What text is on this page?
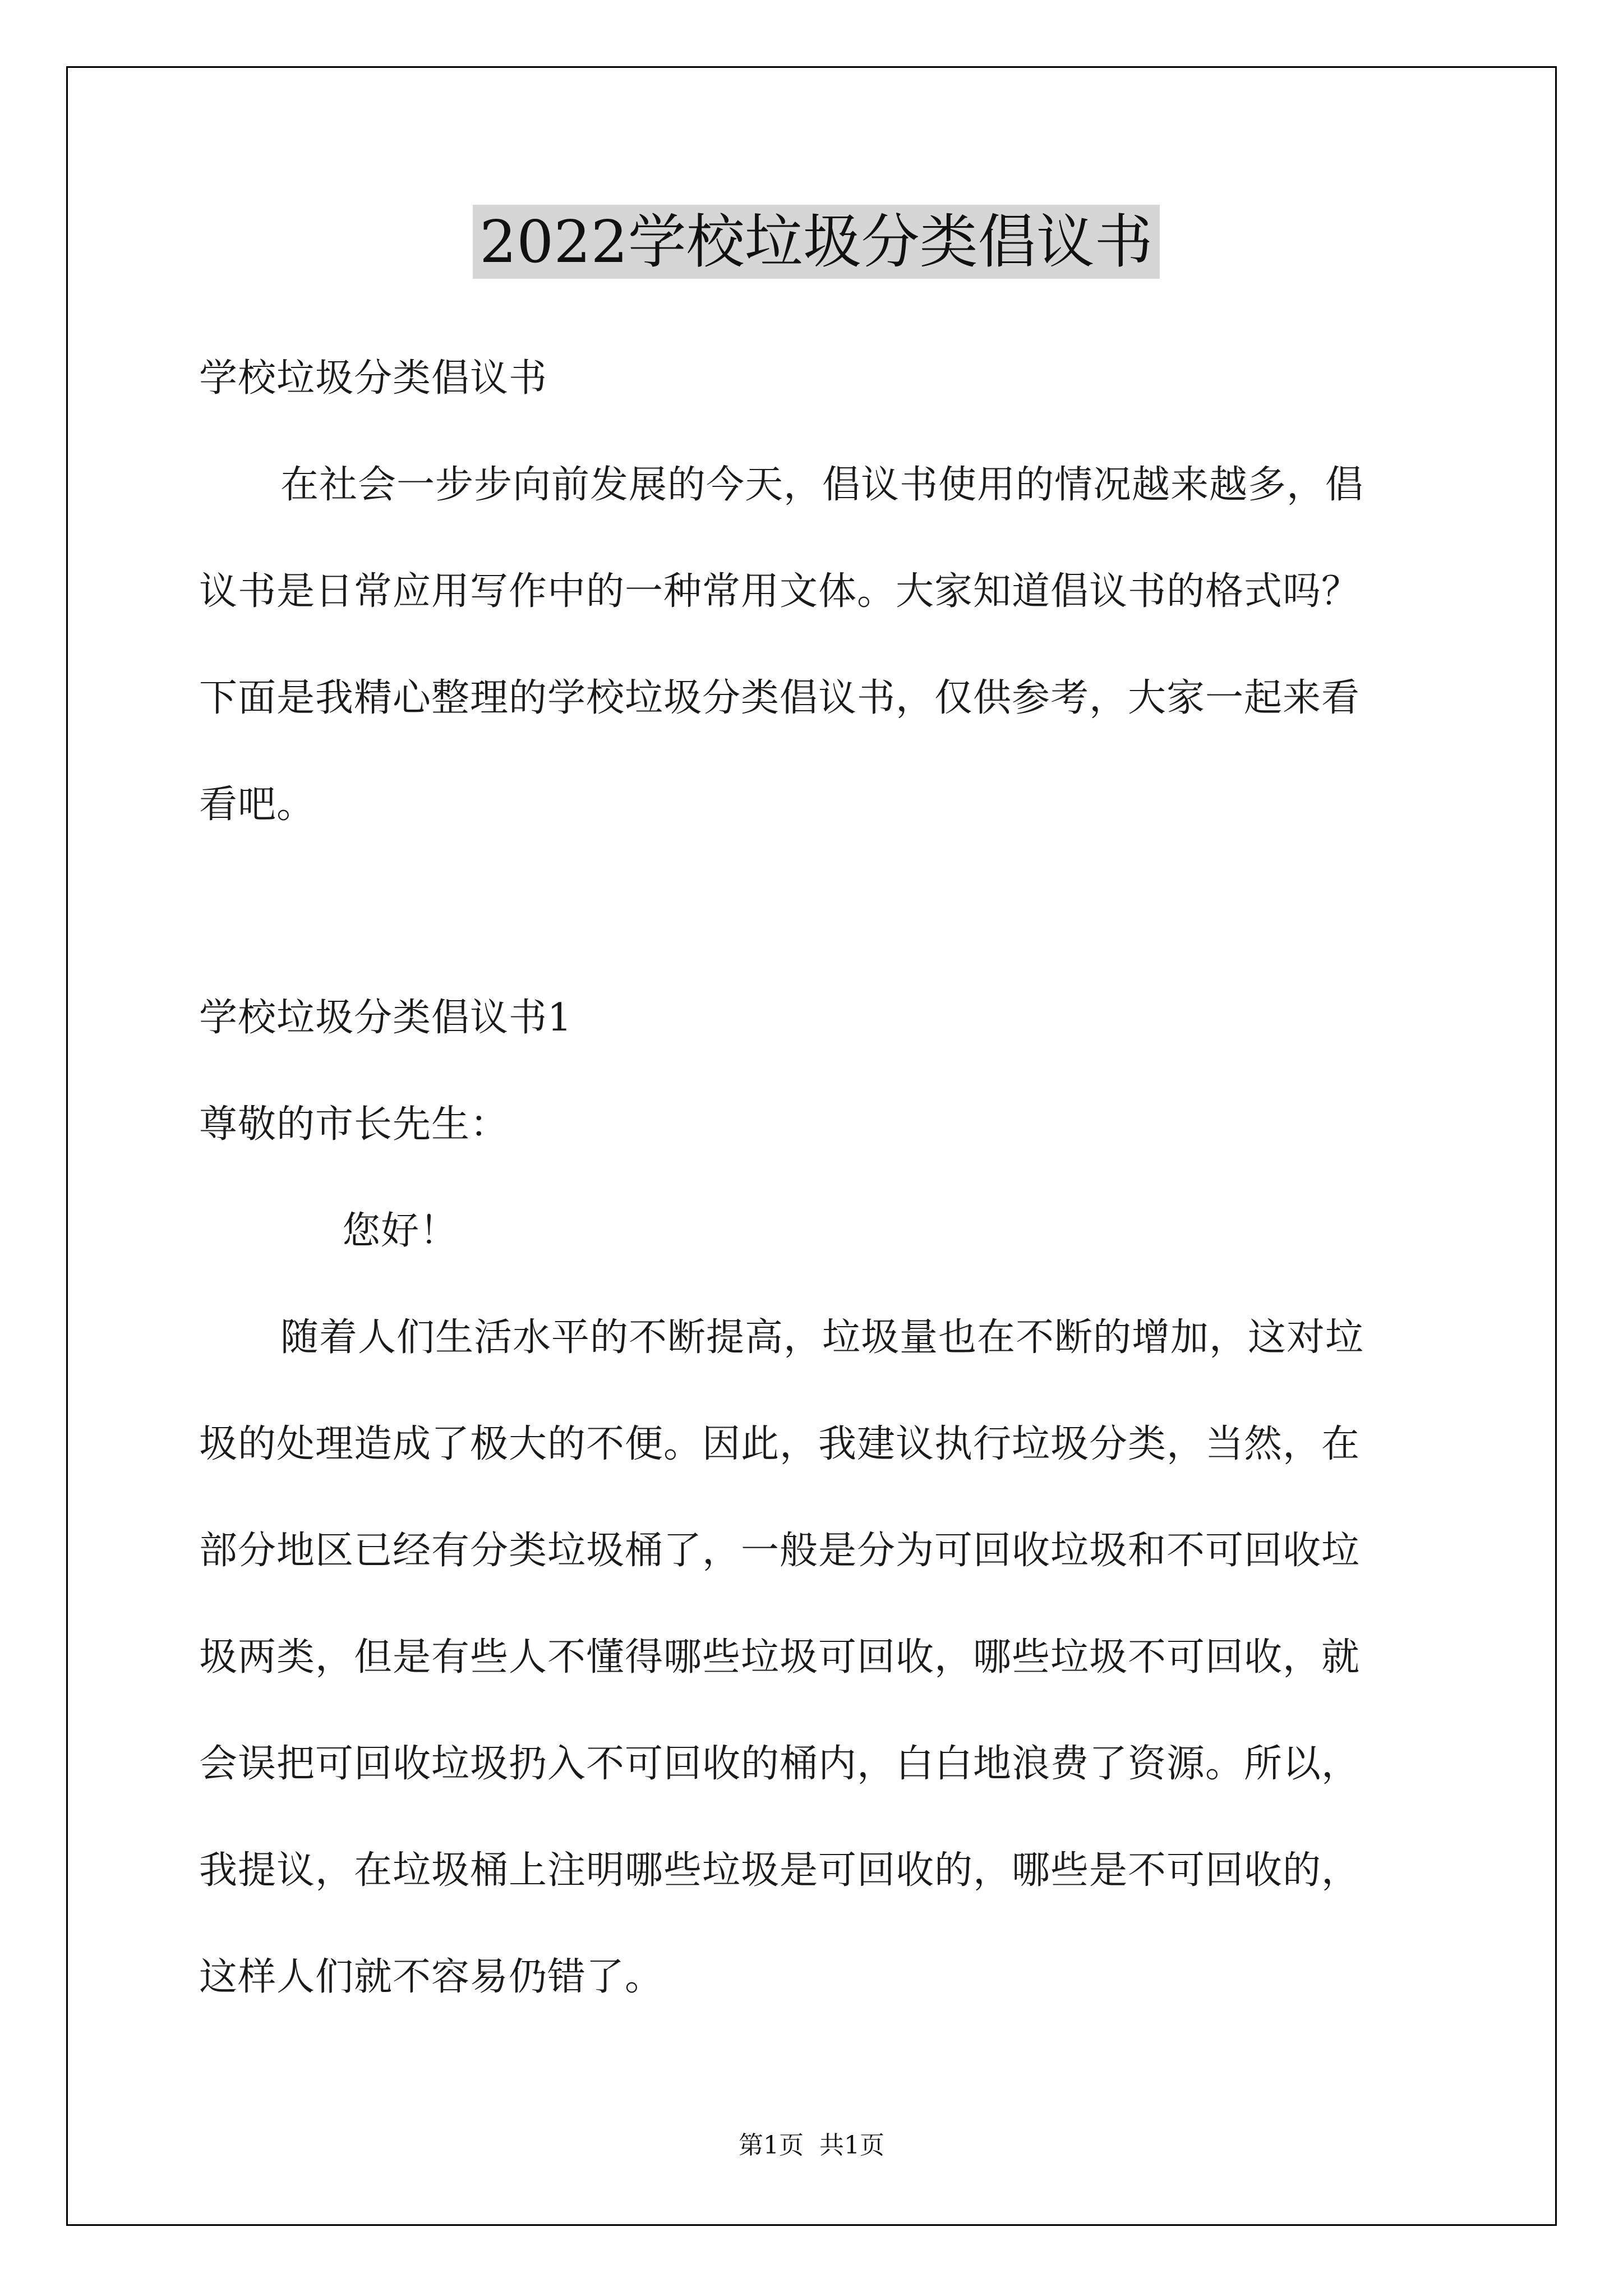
2022学校垃圾分类倡议书
学校垃圾分类倡议书
在社会一步步向前发展的今天，倡议书使用的情况越来越多，倡
议书是日常应用写作中的一种常用文体。大家知道倡议书的格式吗？
下面是我精心整理的学校垃圾分类倡议书，仅供参考，大家一起来看
看吧。
学校垃圾分类倡议书1
尊敬的市长先生：
您好！
随着人们生活水平的不断提高，垃圾量也在不断的增加，这对垃
圾的处理造成了极大的不便。因此，我建议执行垃圾分类，当然，在
部分地区已经有分类垃圾桶了，一般是分为可回收垃圾和不可回收垃
圾两类，但是有些人不懂得哪些垃圾可回收，哪些垃圾不可回收，就
会误把可回收垃圾扔入不可回收的桶内，白白地浪费了资源。所以，
我提议，在垃圾桶上注明哪些垃圾是可回收的，哪些是不可回收的，
这样人们就不容易仍错了。
第1页 共1页
